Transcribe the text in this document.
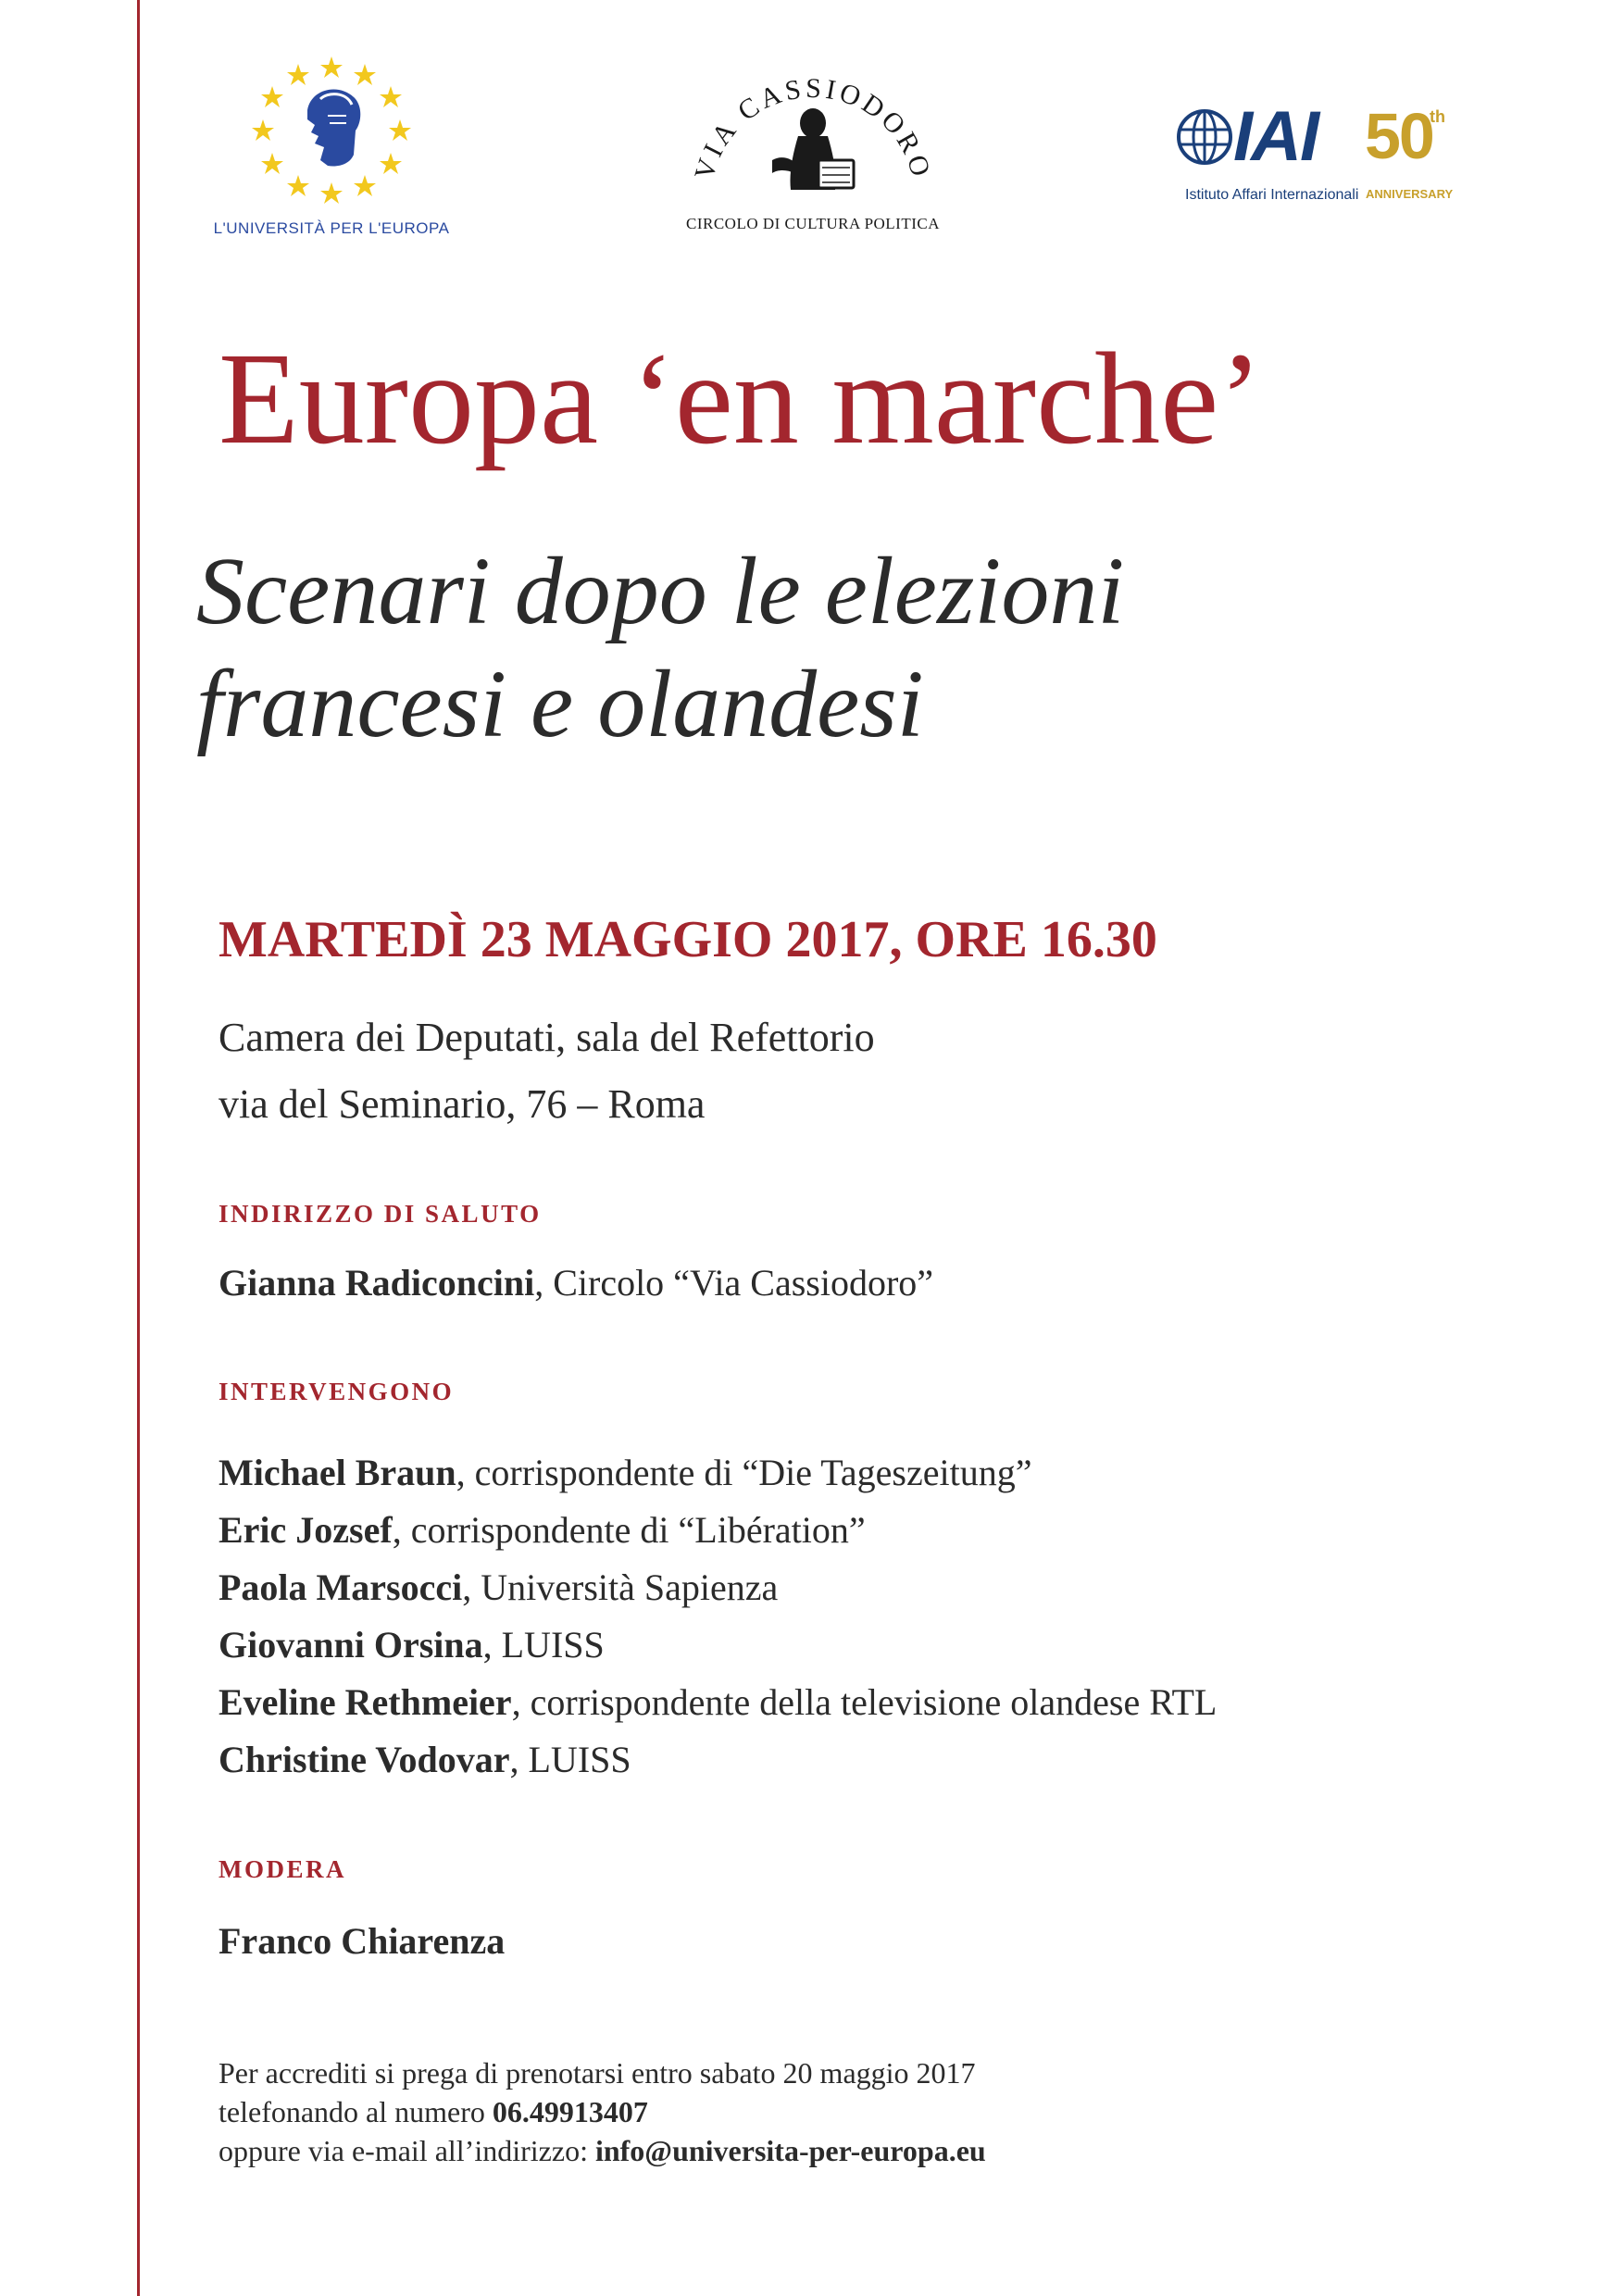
L'UNIVERSITÀ PER L'EUROPA
VIA CASSIODORO
CIRCOLO DI CULTURA POLITICA
IAI 50
th
Istituto Affari Internazionali ANNIVERSARY
Europa ‘en marche’
Scenari dopo le elezioni
francesi e olandesi
MARTEDÌ 23 MAGGIO 2017, ORE 16.30
Camera dei Deputati, sala del Refettorio
via del Seminario, 76 – Roma
INDIRIZZO DI SALUTO
Gianna Radiconcini, Circolo “Via Cassiodoro”
INTERVENGONO
Michael Braun, corrispondente di “Die Tageszeitung”
Eric Jozsef, corrispondente di “Libération”
Paola Marsocci, Università Sapienza
Giovanni Orsina, LUISS
Eveline Rethmeier, corrispondente della televisione olandese RTL
Christine Vodovar, LUISS
MODERA
Franco Chiarenza
Per accrediti si prega di prenotarsi entro sabato 20 maggio 2017
telefonando al numero 06.49913407
oppure via e-mail all’indirizzo: info@universita-per-europa.eu
